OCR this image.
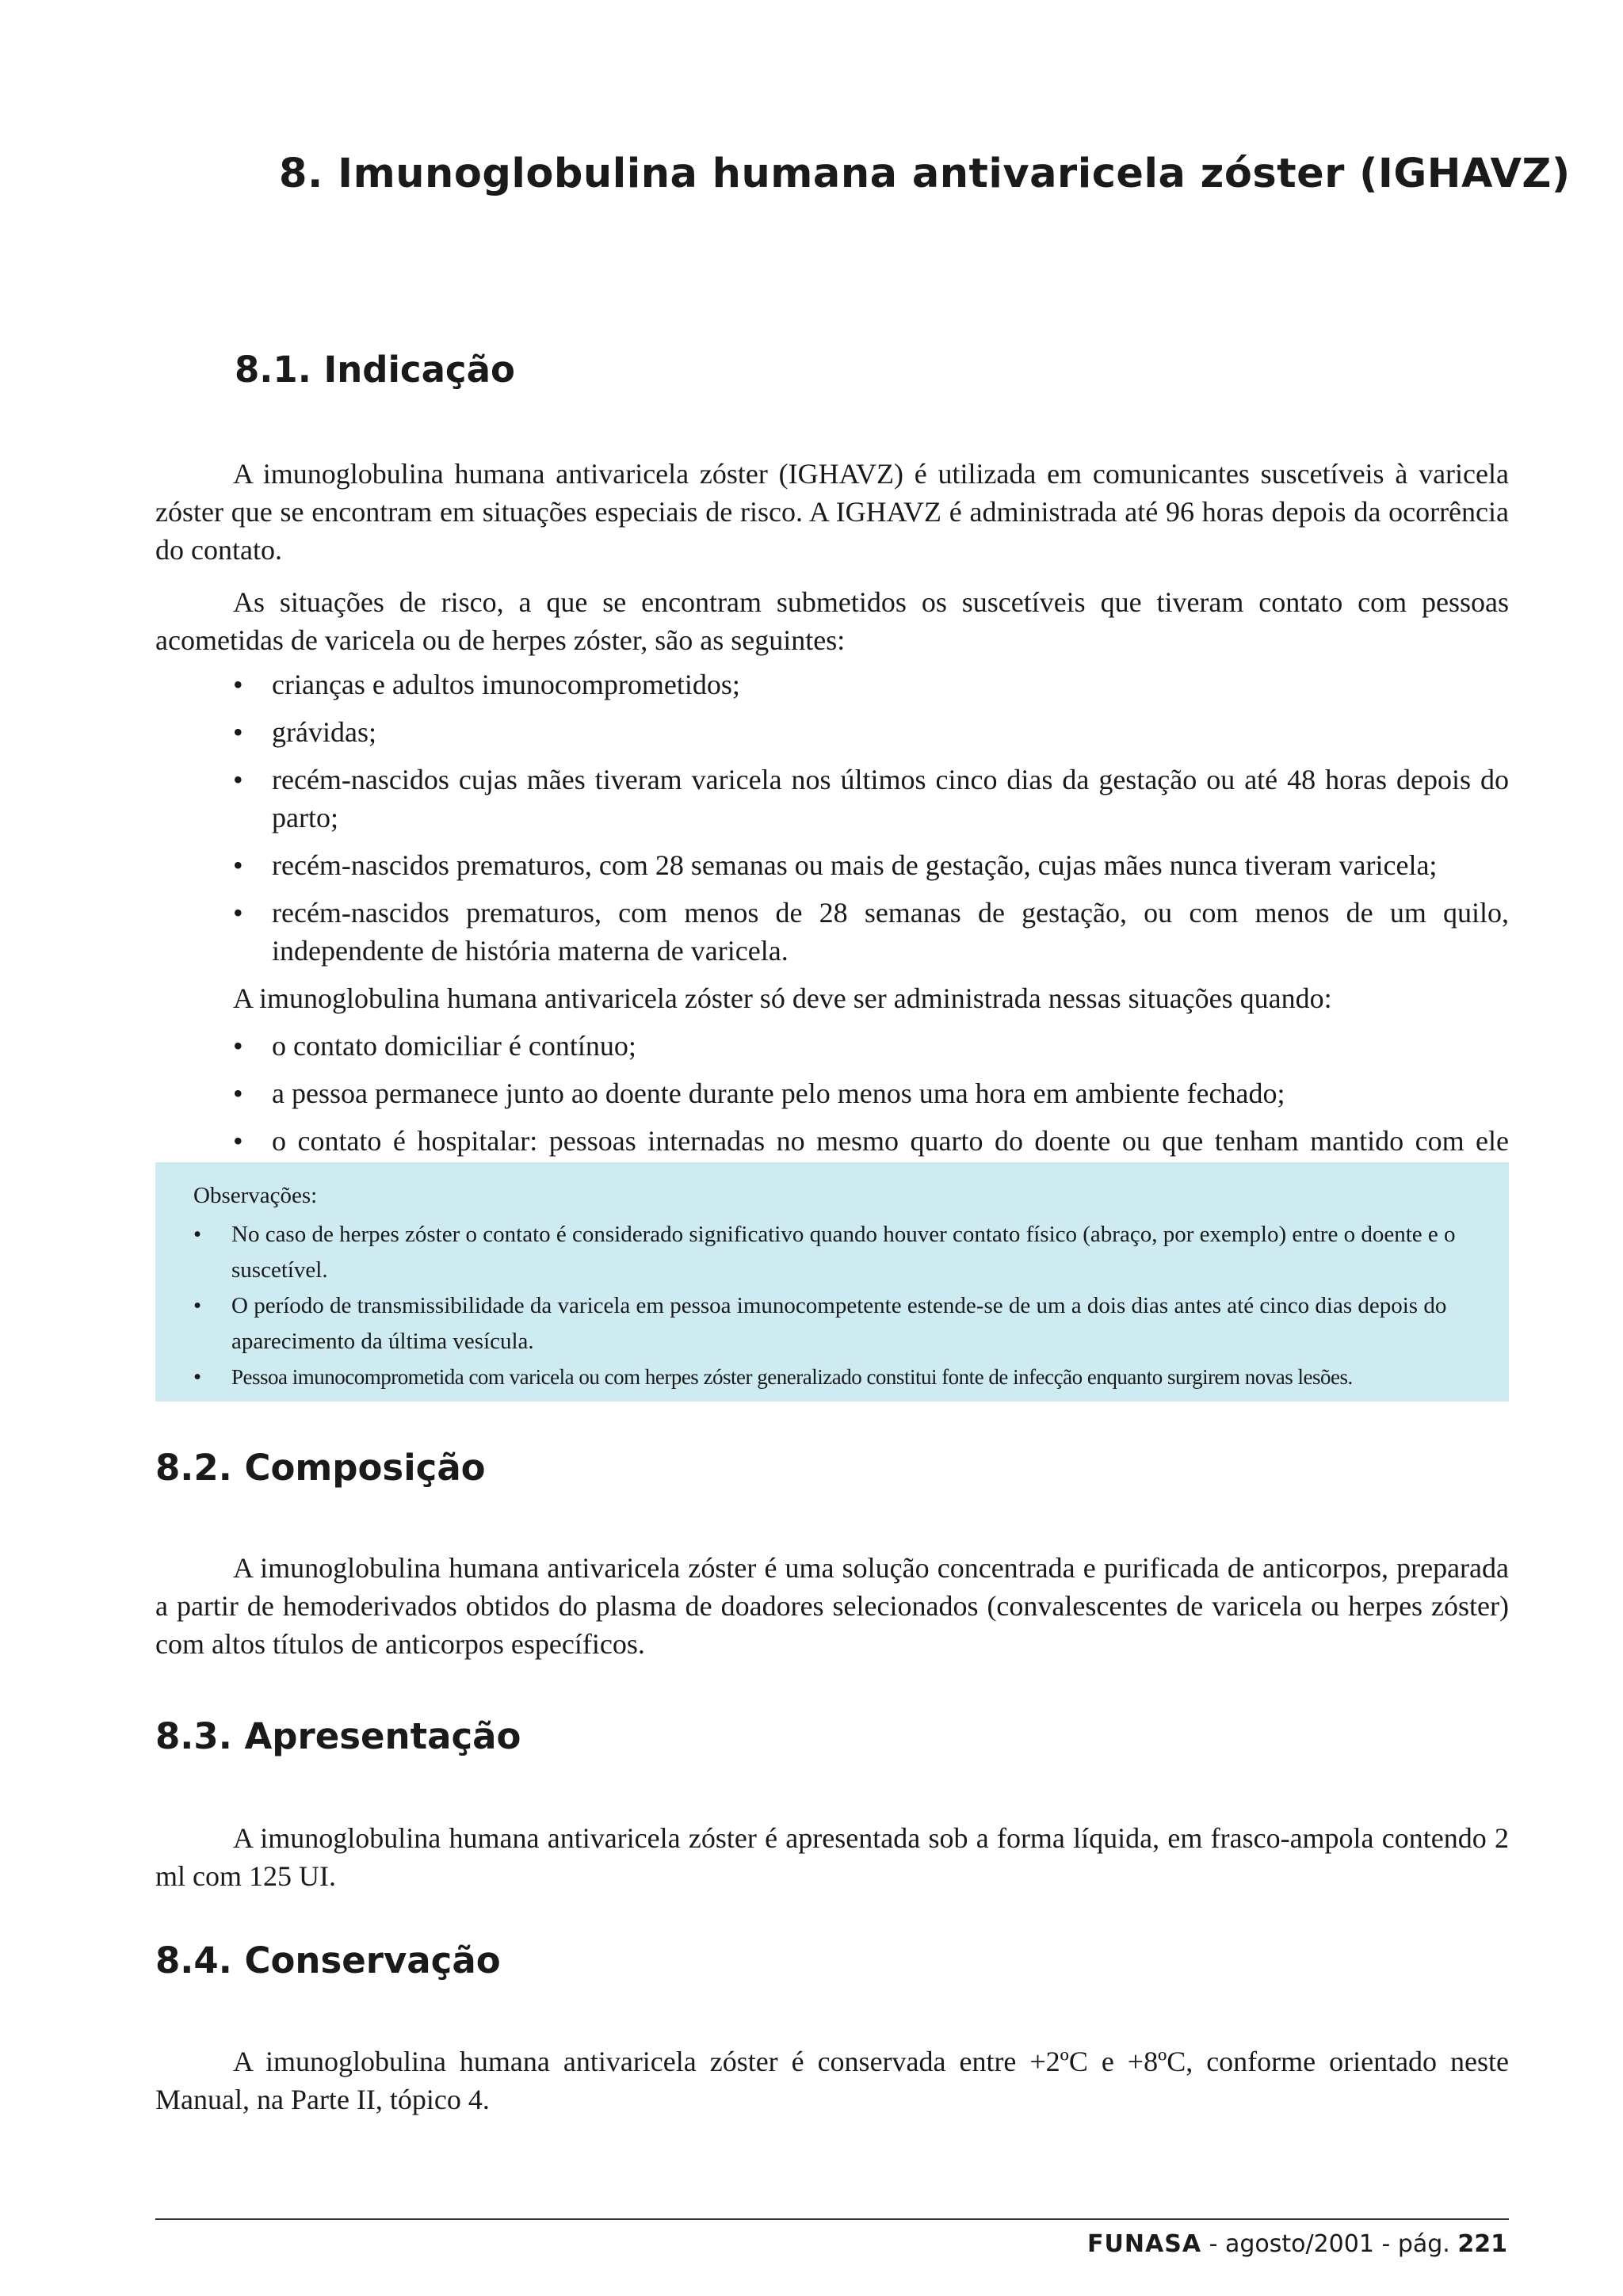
8. Imunoglobulina humana antivaricela zóster (IGHAVZ)
8.1. Indicação

A imunoglobulina humana antivaricela zóster (IGHAVZ) é utilizada em comunicantes suscetíveis à varicela zóster que se encontram em situações especiais de risco. A IGHAVZ é administrada até 96 horas depois da ocorrência do contato.

As situações de risco, a que se encontram submetidos os suscetíveis que tiveram contato com pessoas acometidas de varicela ou de herpes zóster, são as seguintes:

• crianças e adultos imunocomprometidos;
• grávidas;
• recém-nascidos cujas mães tiveram varicela nos últimos cinco dias da gestação ou até 48 horas depois do parto;
• recém-nascidos prematuros, com 28 semanas ou mais de gestação, cujas mães nunca tiveram varicela;
• recém-nascidos prematuros, com menos de 28 semanas de gestação, ou com menos de um quilo, independente de história materna de varicela.

A imunoglobulina humana antivaricela zóster só deve ser administrada nessas situações quando:

• o contato domiciliar é contínuo;
• a pessoa permanece junto ao doente durante pelo menos uma hora em ambiente fechado;
• o contato é hospitalar: pessoas internadas no mesmo quarto do doente ou que tenham mantido com ele

Observações:

• No caso de herpes zóster o contato é considerado significativo quando houver contato físico (abraço, por exemplo) entre o doente e o suscetível.
• O período de transmissibilidade da varicela em pessoa imunocompetente estende-se de um a dois dias antes até cinco dias depois do aparecimento da última vesícula.
• Pessoa imunocomprometida com varicela ou com herpes zóster generalizado constitui fonte de infecção enquanto surgirem novas lesões.
8.2. Composição

A imunoglobulina humana antivaricela zóster é uma solução concentrada e purificada de anticorpos, preparada a partir de hemoderivados obtidos do plasma de doadores selecionados (convalescentes de varicela ou herpes zóster) com altos títulos de anticorpos específicos.

8.3. Apresentação

A imunoglobulina humana antivaricela zóster é apresentada sob a forma líquida, em frasco-ampola contendo 2 ml com 125 UI.

8.4. Conservação

A imunoglobulina humana antivaricela zóster é conservada entre +2ºC e +8ºC, conforme orientado neste Manual, na Parte II, tópico 4.

FUNASA - agosto/2001 - pág. 221
